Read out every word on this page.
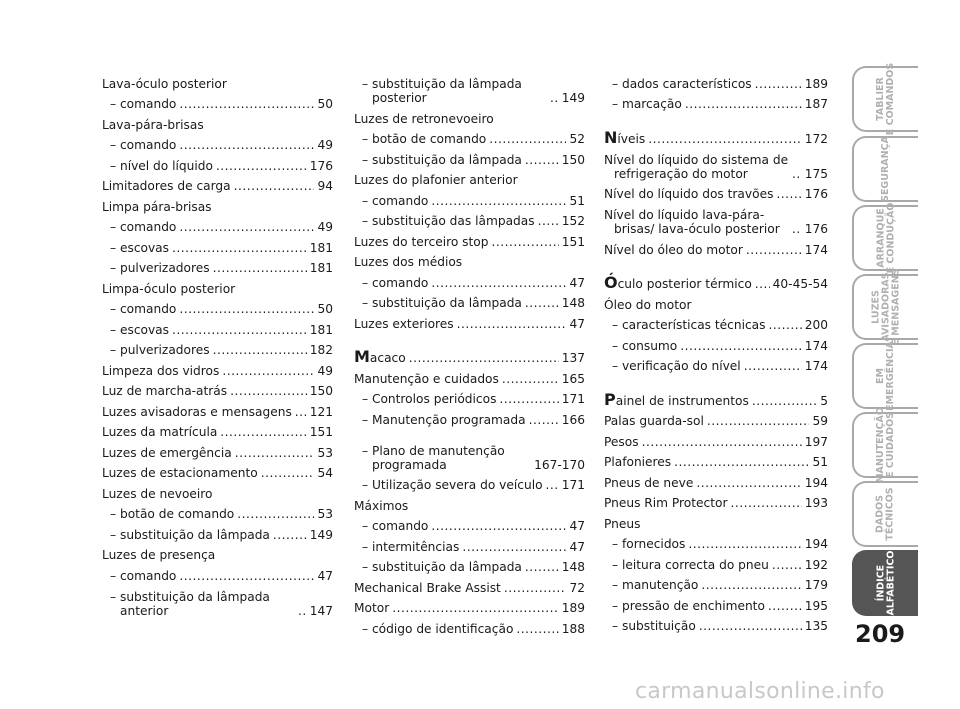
Lava-óculo posterior
– comando .....	50
Lava-pára-brisas
– comando .....	49
– nível do líquido .....	176
Limitadores de carga .....	94
Limpa pára-brisas
– comando .....	49
– escovas .....	181
– pulverizadores .....	181
Limpa-óculo posterior
– comando .....	50
– escovas .....	181
– pulverizadores .....	182
Limpeza dos vidros .....	49
Luz de marcha-atrás .....	150
Luzes avisadoras e mensagens ..... 121
Luzes da matrícula .....	151
Luzes de emergência .....	53
Luzes de estacionamento .....	54
Luzes de nevoeiro
– botão de comando .....	53
– substituição da lâmpada .....	149
Luzes de presença
– comando .....	47
– substituição da lâmpada anterior .....	147
– substituição da lâmpada posterior .....	149
Luzes de retronevoeiro
– botão de comando .....	52
– substituição da lâmpada .....	150
Luzes do plafonier anterior
– comando .....	51
– substituição das lâmpadas ..... 152
Luzes do terceiro stop .....	151
Luzes dos médios
– comando .....	47
– substituição da lâmpada .....	148
Luzes exteriores .....	47
Macaco .....	137
Manutenção e cuidados .....	165
– Controlos periódicos .....	171
– Manutenção programada .....	166
– Plano de manutenção programada	167-170
– Utilização severa do veículo ..... 171
Máximos
– comando .....	47
– intermitências .....	47
– substituição da lâmpada .....	148
Mechanical Brake Assist .....	72
Motor .....	189
– código de identificação .....	188
– dados característicos .....	189
– marcação .....	187
Níveis .....	172
Nível do líquido do sistema de refrigeração do motor .....	175
Nível do líquido dos travões .....	176
Nível do líquido lava-pára-brisas/ lava-óculo posterior .....	176
Nível do óleo do motor .....	174
Óculo posterior térmico ..... 40-45-54
Óleo do motor
– características técnicas .....	200
– consumo .....	174
– verificação do nível .....	174
Painel de instrumentos .....	5
Palas guarda-sol .....	59
Pesos .....	197
Plafonieres .....	51
Pneus de neve .....	194
Pneus Rim Protector .....	193
Pneus
– fornecidos .....	194
– leitura correcta do pneu .....	192
– manutenção .....	179
– pressão de enchimento .....	195
– substituição .....	135
TABLIER
E COMANDOS
SEGURANÇA
ARRANQUE
E CONDUÇÃO
LUZES
AVISADORAS
E MENSAGENS
EM
EMERGÊNCIA
MANUTENÇÃO
E CUIDADOS
DADOS
TÉCNICOS
ÍNDICE
ALFABÉTICO
209
carmanualsonline.info
